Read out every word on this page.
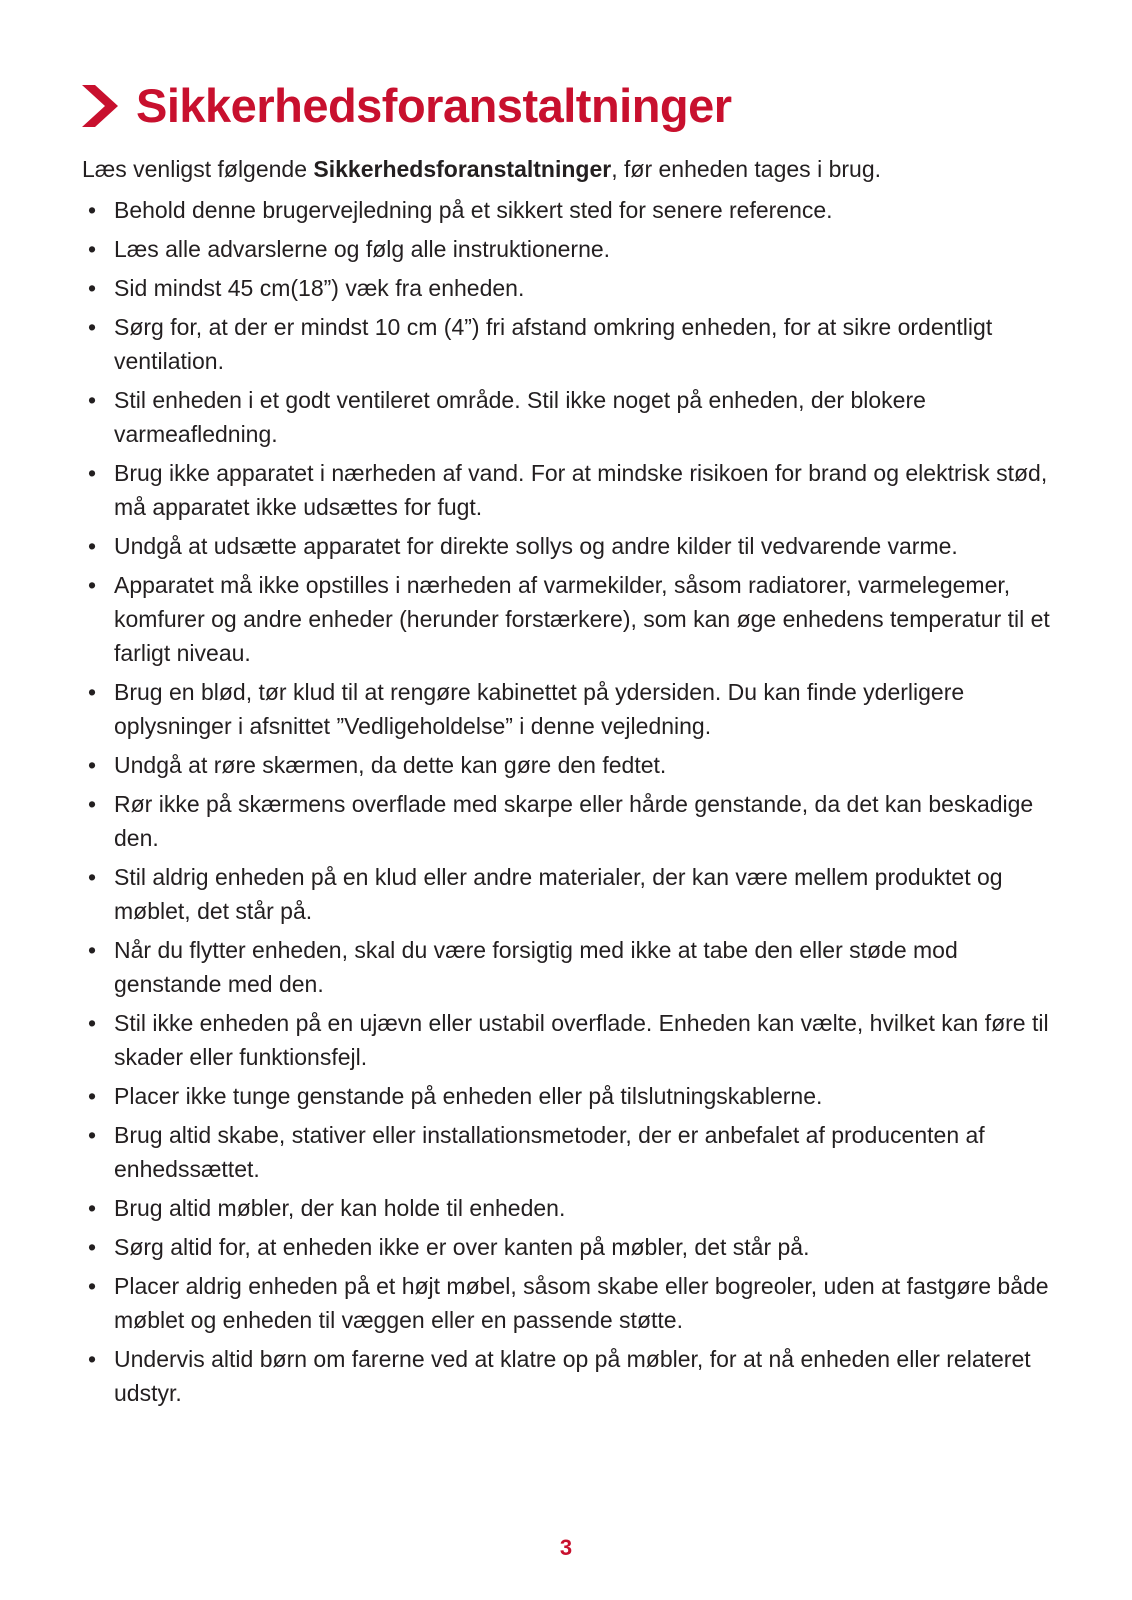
Sikkerhedsforanstaltninger

Læs venligst følgende Sikkerhedsforanstaltninger, før enheden tages i brug.

• Behold denne brugervejledning på et sikkert sted for senere reference.
• Læs alle advarslerne og følg alle instruktionerne.
• Sid mindst 45 cm(18”) væk fra enheden.
• Sørg for, at der er mindst 10 cm (4”) fri afstand omkring enheden, for at sikre ordentligt ventilation.
• Stil enheden i et godt ventileret område. Stil ikke noget på enheden, der blokere varmeafledning.
• Brug ikke apparatet i nærheden af vand. For at mindske risikoen for brand og elektrisk stød, må apparatet ikke udsættes for fugt.
• Undgå at udsætte apparatet for direkte sollys og andre kilder til vedvarende varme.
• Apparatet må ikke opstilles i nærheden af varmekilder, såsom radiatorer, varmelegemer, komfurer og andre enheder (herunder forstærkere), som kan øge enhedens temperatur til et farligt niveau.
• Brug en blød, tør klud til at rengøre kabinettet på ydersiden. Du kan finde yderligere oplysninger i afsnittet ”Vedligeholdelse” i denne vejledning.
• Undgå at røre skærmen, da dette kan gøre den fedtet.
• Rør ikke på skærmens overflade med skarpe eller hårde genstande, da det kan beskadige den.
• Stil aldrig enheden på en klud eller andre materialer, der kan være mellem produktet og møblet, det står på.
• Når du flytter enheden, skal du være forsigtig med ikke at tabe den eller støde mod genstande med den.
• Stil ikke enheden på en ujævn eller ustabil overflade. Enheden kan vælte, hvilket kan føre til skader eller funktionsfejl.
• Placer ikke tunge genstande på enheden eller på tilslutningskablerne.
• Brug altid skabe, stativer eller installationsmetoder, der er anbefalet af producenten af enhedssættet.
• Brug altid møbler, der kan holde til enheden.
• Sørg altid for, at enheden ikke er over kanten på møbler, det står på.
• Placer aldrig enheden på et højt møbel, såsom skabe eller bogreoler, uden at fastgøre både møblet og enheden til væggen eller en passende støtte.
• Undervis altid børn om farerne ved at klatre op på møbler, for at nå enheden eller relateret udstyr.
3
